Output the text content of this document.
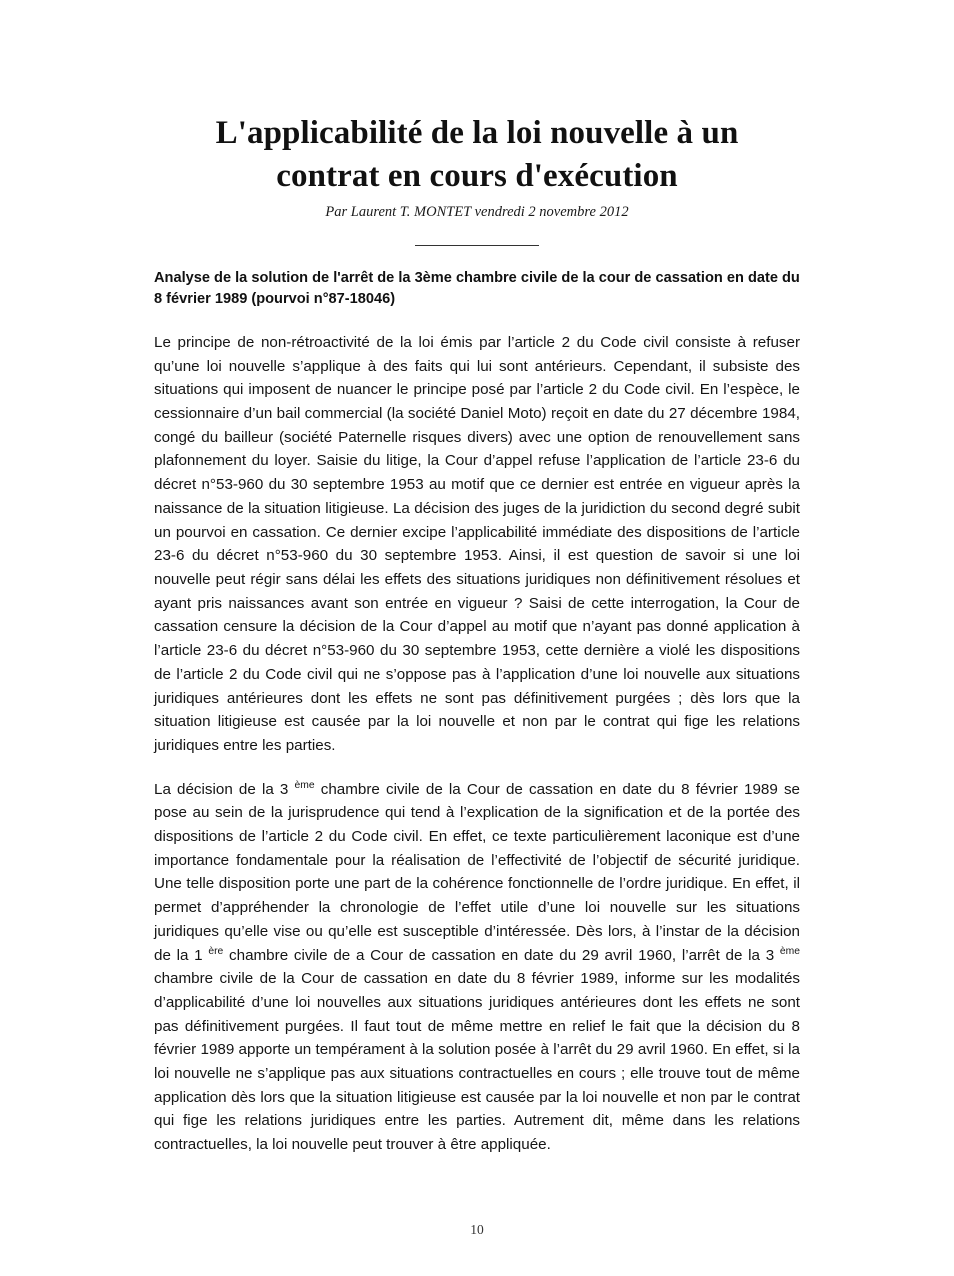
L'applicabilité de la loi nouvelle à un
contrat en cours d'exécution
Par Laurent T. MONTET vendredi 2 novembre 2012
Analyse de la solution de l'arrêt de la 3ème chambre civile de la cour de cassation en date du 8 février 1989 (pourvoi n°87-18046)

Le principe de non-rétroactivité de la loi émis par l’article 2 du Code civil consiste à refuser qu’une loi nouvelle s’applique à des faits qui lui sont antérieurs. Cependant, il subsiste des situations qui imposent de nuancer le principe posé par l’article 2 du Code civil. En l’espèce, le cessionnaire d’un bail commercial (la société Daniel Moto) reçoit en date du 27 décembre 1984, congé du bailleur (société Paternelle risques divers) avec une option de renouvellement sans plafonnement du loyer. Saisie du litige, la Cour d’appel refuse l’application de l’article 23-6 du décret n°53-960 du 30 septembre 1953 au motif que ce dernier est entrée en vigueur après la naissance de la situation litigieuse. La décision des juges de la juridiction du second degré subit un pourvoi en cassation. Ce dernier excipe l’applicabilité immédiate des dispositions de l’article 23-6 du décret n°53-960 du 30 septembre 1953. Ainsi, il est question de savoir si une loi nouvelle peut régir sans délai les effets des situations juridiques non définitivement résolues et ayant pris naissances avant son entrée en vigueur ? Saisi de cette interrogation, la Cour de cassation censure la décision de la Cour d’appel au motif que n’ayant pas donné application à l’article 23-6 du décret n°53-960 du 30 septembre 1953, cette dernière a violé les dispositions de l’article 2 du Code civil qui ne s’oppose pas à l’application d’une loi nouvelle aux situations juridiques antérieures dont les effets ne sont pas définitivement purgées ; dès lors que la situation litigieuse est causée par la loi nouvelle et non par le contrat qui fige les relations juridiques entre les parties.

La décision de la 3 $^{ème}$ chambre civile de la Cour de cassation en date du 8 février 1989 se pose au sein de la jurisprudence qui tend à l’explication de la signification et de la portée des dispositions de l’article 2 du Code civil. En effet, ce texte particulièrement laconique est d’une importance fondamentale pour la réalisation de l’effectivité de l’objectif de sécurité juridique. Une telle disposition porte une part de la cohérence fonctionnelle de l’ordre juridique. En effet, il permet d’appréhender la chronologie de l’effet utile d’une loi nouvelle sur les situations juridiques qu’elle vise ou qu’elle est susceptible d’intéressée. Dès lors, à l’instar de la décision de la 1 $^{ère}$ chambre civile de a Cour de cassation en date du 29 avril 1960, l’arrêt de la 3 $^{ème}$ chambre civile de la Cour de cassation en date du 8 février 1989, informe sur les modalités d’applicabilité d’une loi nouvelles aux situations juridiques antérieures dont les effets ne sont pas définitivement purgées. Il faut tout de même mettre en relief le fait que la décision du 8 février 1989 apporte un tempérament à la solution posée à l’arrêt du 29 avril 1960. En effet, si la loi nouvelle ne s’applique pas aux situations contractuelles en cours ; elle trouve tout de même application dès lors que la situation litigieuse est causée par la loi nouvelle et non par le contrat qui fige les relations juridiques entre les parties. Autrement dit, même dans les relations contractuelles, la loi nouvelle peut trouver à être appliquée.

10
